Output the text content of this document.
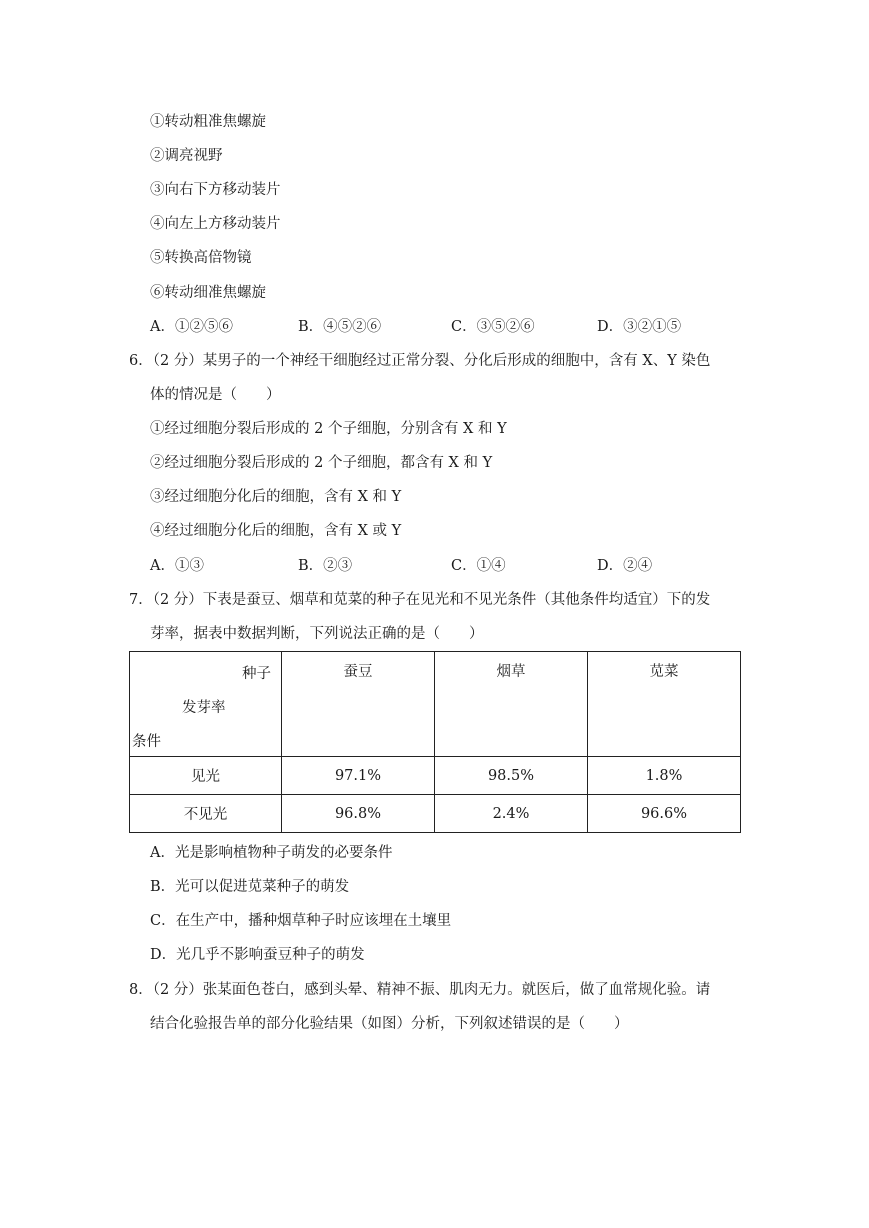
①转动粗准焦螺旋
②调亮视野
③向右下方移动装片
④向左上方移动装片
⑤转换高倍物镜
⑥转动细准焦螺旋
A．①②⑤⑥	B．④⑤②⑥	C．③⑤②⑥	D．③②①⑤
6．（2 分）某男子的一个神经干细胞经过正常分裂、分化后形成的细胞中，含有 X、Y 染色
体的情况是（　　）
①经过细胞分裂后形成的 2 个子细胞，分别含有 X 和 Y
②经过细胞分裂后形成的 2 个子细胞，都含有 X 和 Y
③经过细胞分化后的细胞，含有 X 和 Y
④经过细胞分化后的细胞，含有 X 或 Y
A．①③	B．②③	C．①④	D．②④
7．（2 分）下表是蚕豆、烟草和苋菜的种子在见光和不见光条件（其他条件均适宜）下的发
芽率，据表中数据判断，下列说法正确的是（　　）
种子
发芽率
条件	蚕豆	烟草	苋菜
见光	97.1%	98.5%	1.8%
不见光	96.8%	2.4%	96.6%
A．光是影响植物种子萌发的必要条件
B．光可以促进苋菜种子的萌发
C．在生产中，播种烟草种子时应该埋在土壤里
D．光几乎不影响蚕豆种子的萌发
8．（2 分）张某面色苍白，感到头晕、精神不振、肌肉无力。就医后，做了血常规化验。请
结合化验报告单的部分化验结果（如图）分析，下列叙述错误的是（　　）
